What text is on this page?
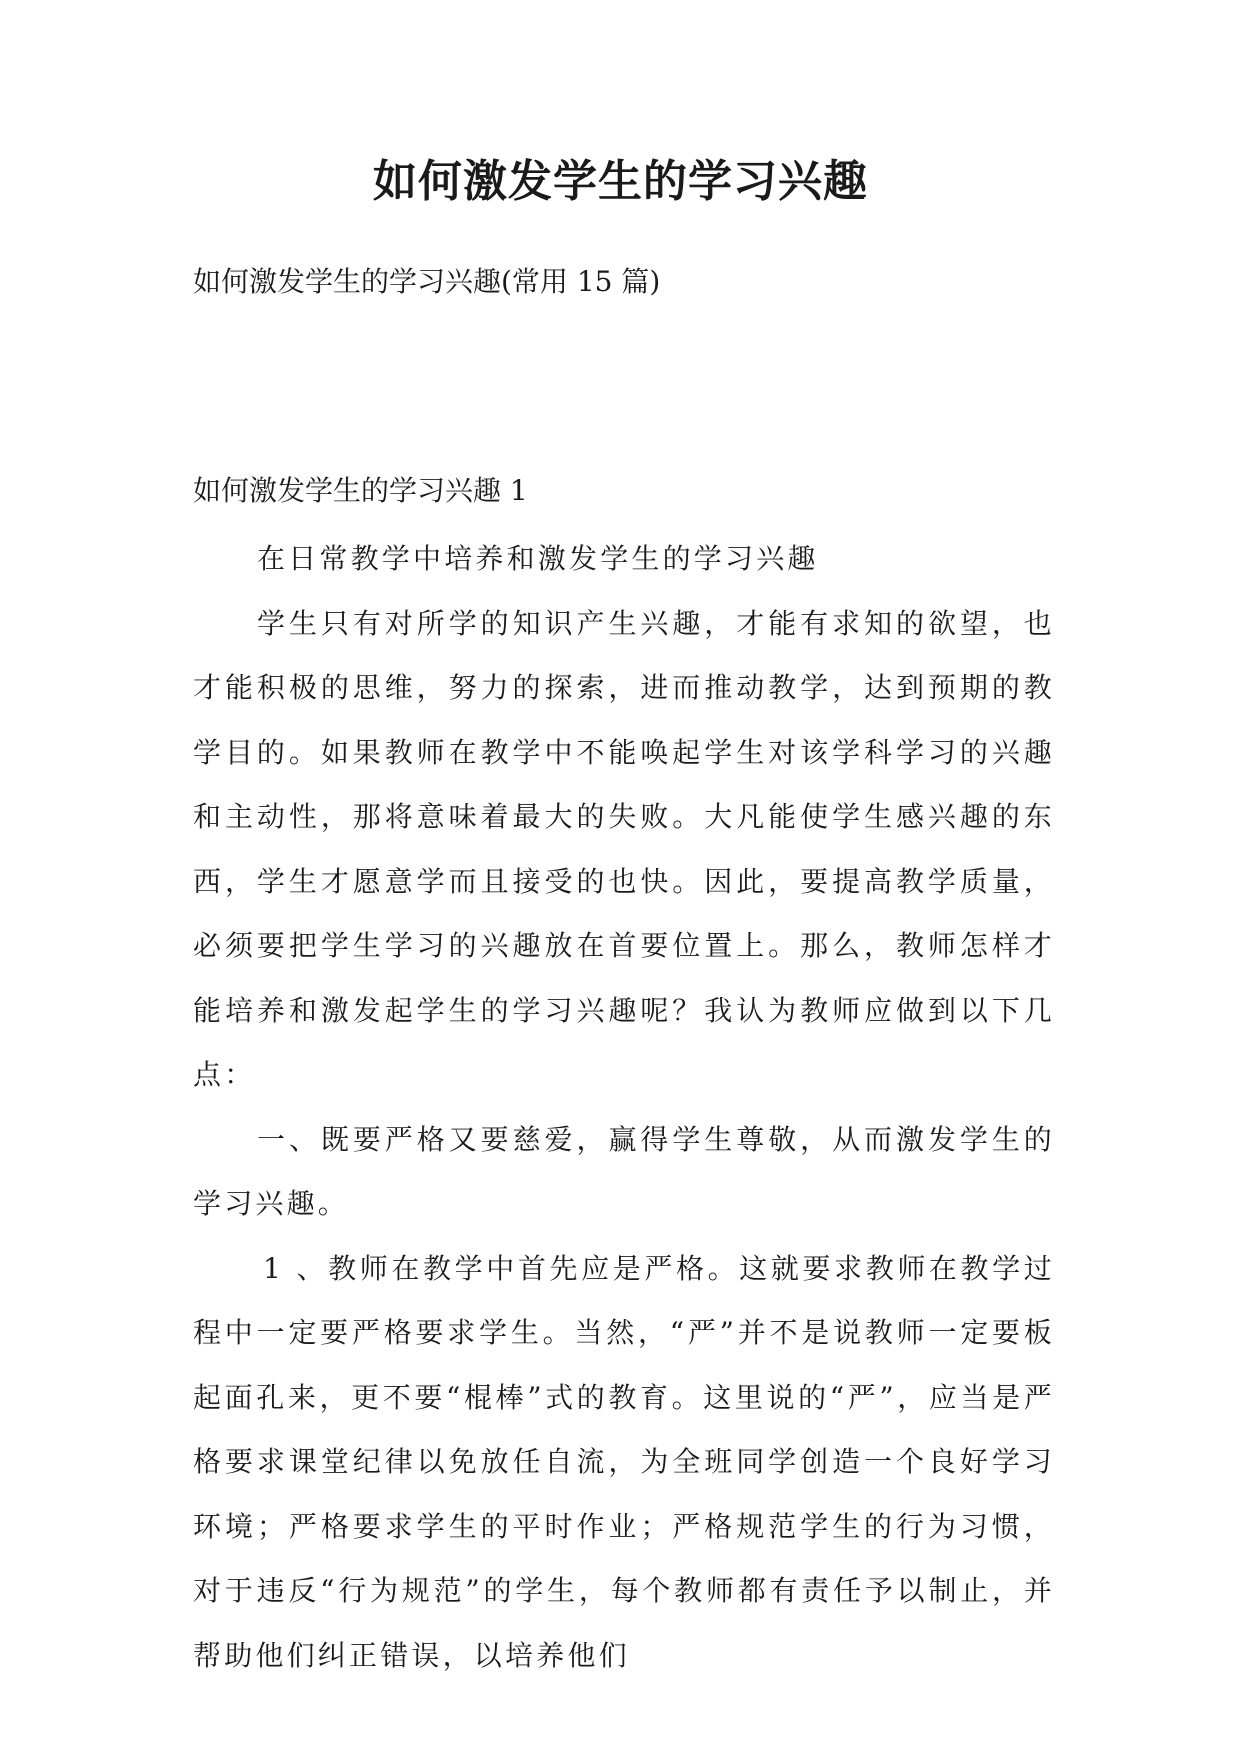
如何激发学生的学习兴趣

如何激发学生的学习兴趣(常用 15 篇)

如何激发学生的学习兴趣 1

在日常教学中培养和激发学生的学习兴趣

学生只有对所学的知识产生兴趣，才能有求知的欲望，也才能积极的思维，努力的探索，进而推动教学，达到预期的教学目的。如果教师在教学中不能唤起学生对该学科学习的兴趣和主动性，那将意味着最大的失败。大凡能使学生感兴趣的东西，学生才愿意学而且接受的也快。因此，要提高教学质量，必须要把学生学习的兴趣放在首要位置上。那么，教师怎样才能培养和激发起学生的学习兴趣呢？我认为教师应做到以下几点：

一、既要严格又要慈爱，赢得学生尊敬，从而激发学生的学习兴趣。

1 、教师在教学中首先应是严格。这就要求教师在教学过程中一定要严格要求学生。当然，“严”并不是说教师一定要板起面孔来，更不要“棍棒”式的教育。这里说的“严”，应当是严格要求课堂纪律以免放任自流，为全班同学创造一个良好学习环境；严格要求学生的平时作业；严格规范学生的行为习惯，对于违反“行为规范”的学生，每个教师都有责任予以制止，并帮助他们纠正错误，以培养他们
